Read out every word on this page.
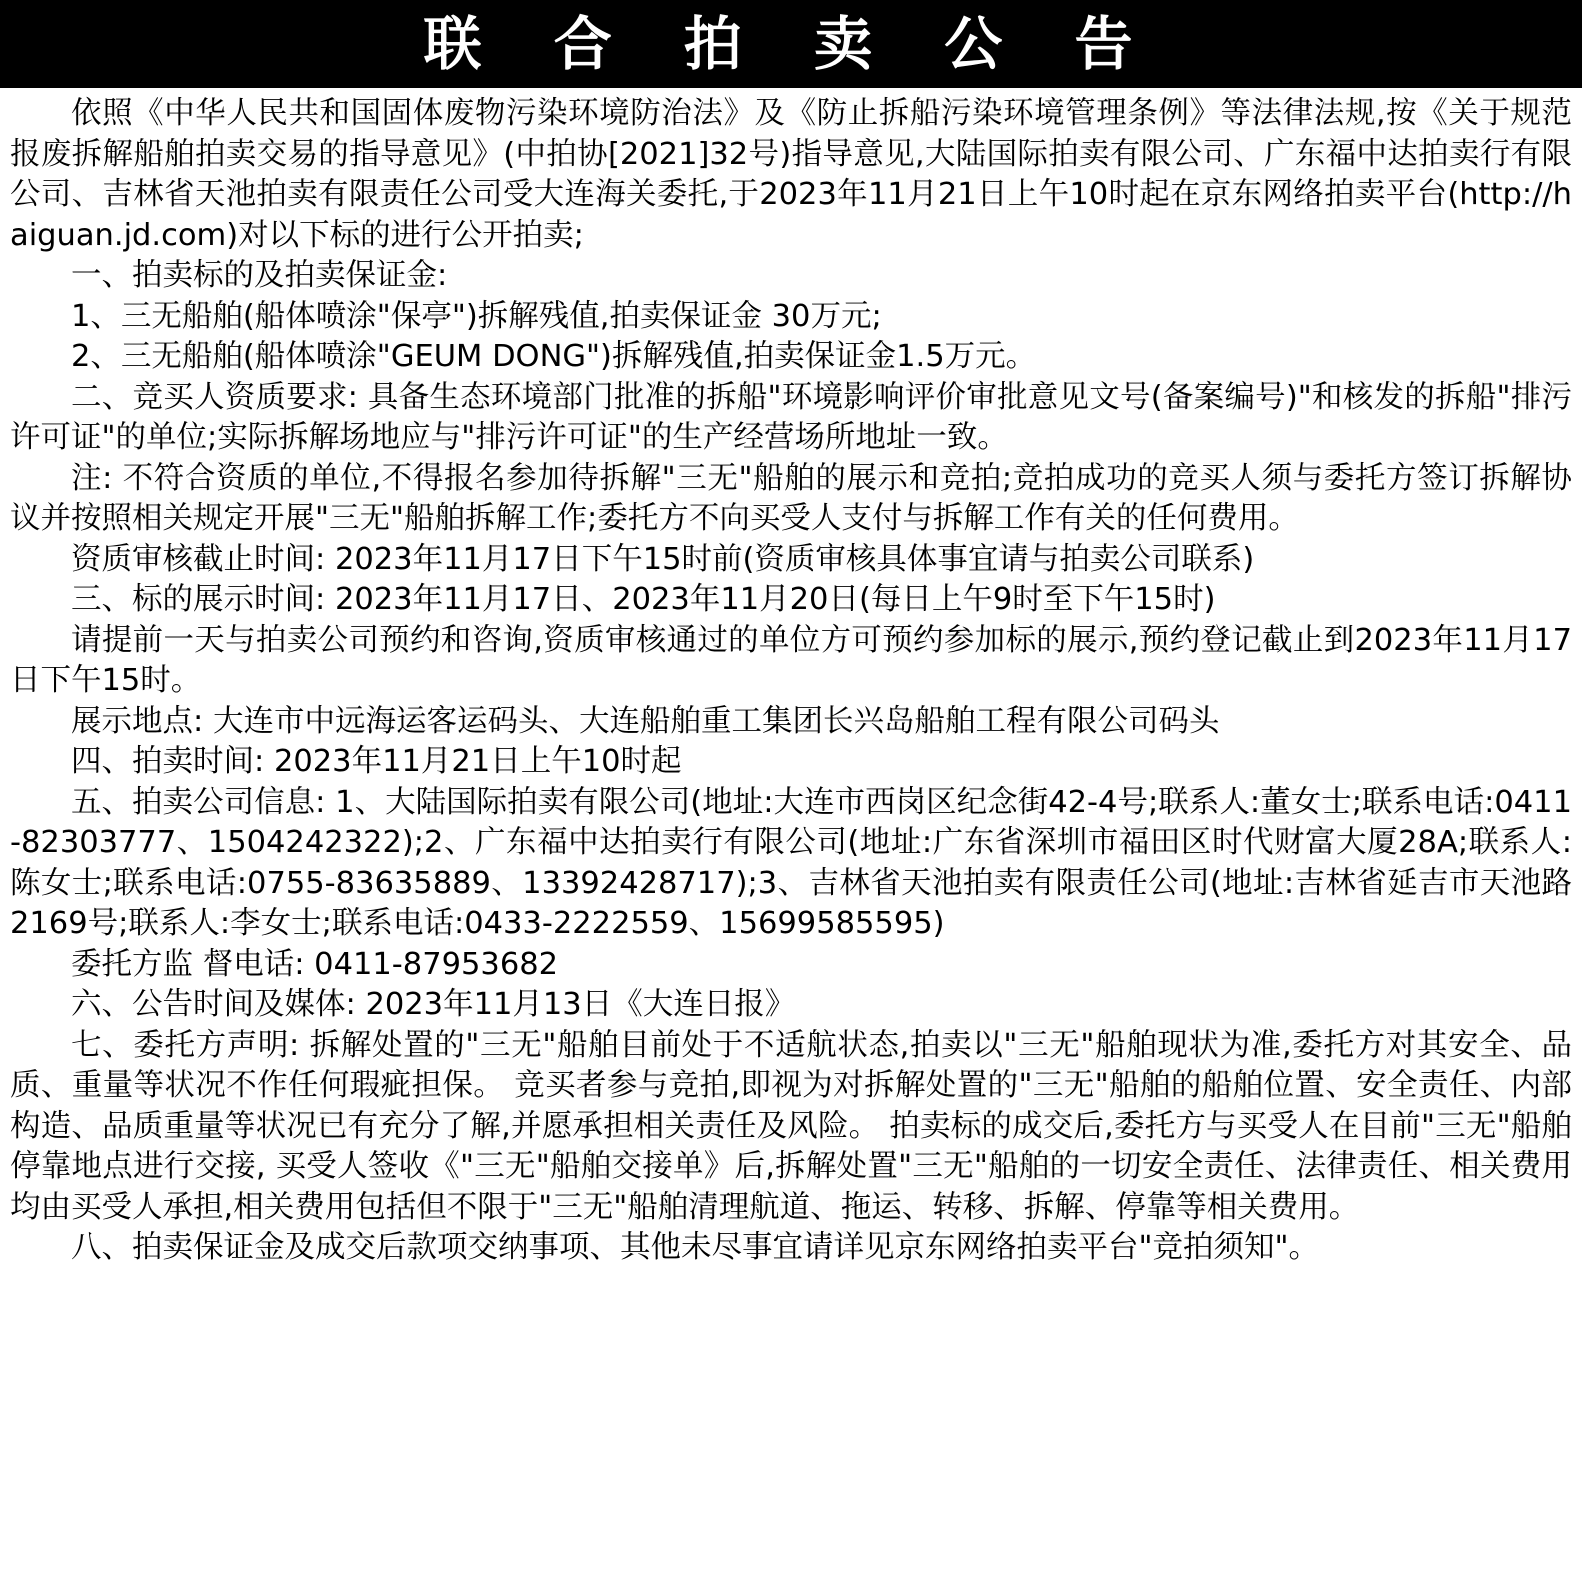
联 合 拍 卖 公 告

依照《中华人民共和国固体废物污染环境防治法》及《防止拆船污染环境管理条例》等法律法规,按《关于规范报废拆解船舶拍卖交易的指导意见》(中拍协[2021]32号)指导意见,大陆国际拍卖有限公司、广东福中达拍卖行有限公司、吉林省天池拍卖有限责任公司受大连海关委托,于2023年11月21日上午10时起在京东网络拍卖平台(http://haiguan.jd.com)对以下标的进行公开拍卖;

一、拍卖标的及拍卖保证金:

1、三无船舶(船体喷涂"保亭")拆解残值,拍卖保证金 30万元;

2、三无船舶(船体喷涂"GEUM DONG")拆解残值,拍卖保证金1.5万元。

二、竞买人资质要求: 具备生态环境部门批准的拆船"环境影响评价审批意见文号(备案编号)"和核发的拆船"排污许可证"的单位;实际拆解场地应与"排污许可证"的生产经营场所地址一致。

注: 不符合资质的单位,不得报名参加待拆解"三无"船舶的展示和竞拍;竞拍成功的竞买人须与委托方签订拆解协议并按照相关规定开展"三无"船舶拆解工作;委托方不向买受人支付与拆解工作有关的任何费用。

资质审核截止时间: 2023年11月17日下午15时前(资质审核具体事宜请与拍卖公司联系)

三、标的展示时间: 2023年11月17日、2023年11月20日(每日上午9时至下午15时)

请提前一天与拍卖公司预约和咨询,资质审核通过的单位方可预约参加标的展示,预约登记截止到2023年11月17日下午15时。

展示地点: 大连市中远海运客运码头、大连船舶重工集团长兴岛船舶工程有限公司码头

四、拍卖时间: 2023年11月21日上午10时起

五、拍卖公司信息: 1、大陆国际拍卖有限公司(地址:大连市西岗区纪念街42-4号;联系人:董女士;联系电话:0411-82303777、1504242322);2、广东福中达拍卖行有限公司(地址:广东省深圳市福田区时代财富大厦28A;联系人:陈女士;联系电话:0755-83635889、13392428717);3、吉林省天池拍卖有限责任公司(地址:吉林省延吉市天池路2169号;联系人:李女士;联系电话:0433-2222559、15699585595)

委托方监 督电话: 0411-87953682

六、公告时间及媒体: 2023年11月13日《大连日报》

七、委托方声明: 拆解处置的"三无"船舶目前处于不适航状态,拍卖以"三无"船舶现状为准,委托方对其安全、品质、重量等状况不作任何瑕疵担保。 竞买者参与竞拍,即视为对拆解处置的"三无"船舶的船舶位置、安全责任、内部构造、品质重量等状况已有充分了解,并愿承担相关责任及风险。 拍卖标的成交后,委托方与买受人在目前"三无"船舶停靠地点进行交接, 买受人签收《"三无"船舶交接单》后,拆解处置"三无"船舶的一切安全责任、法律责任、相关费用均由买受人承担,相关费用包括但不限于"三无"船舶清理航道、拖运、转移、拆解、停靠等相关费用。

八、拍卖保证金及成交后款项交纳事项、其他未尽事宜请详见京东网络拍卖平台"竞拍须知"。
